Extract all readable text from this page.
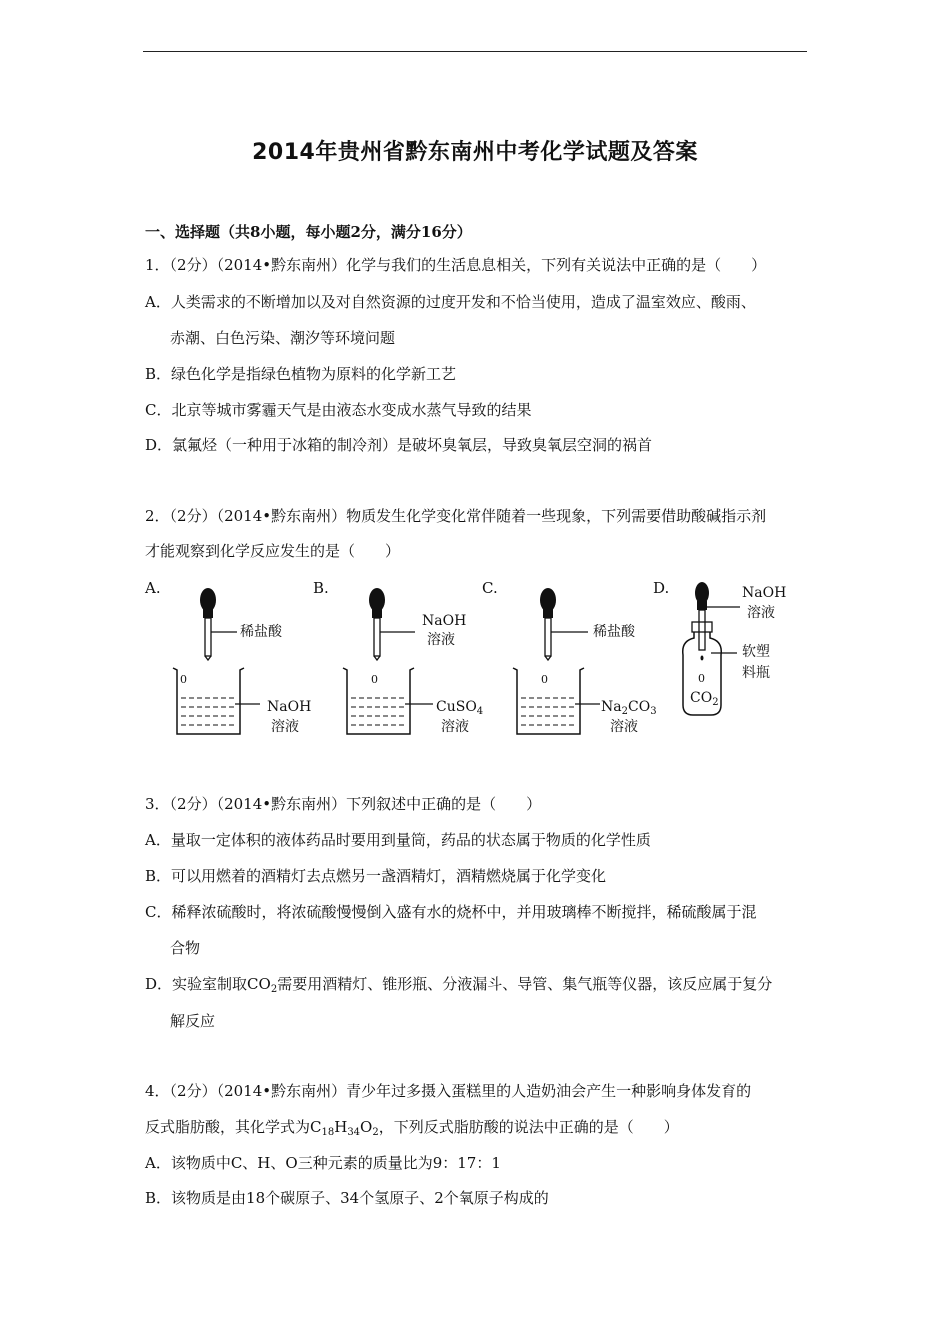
2014年贵州省黔东南州中考化学试题及答案
一、选择题（共8小题，每小题2分，满分16分）
1．（2分）（2014•黔东南州）化学与我们的生活息息相关，下列有关说法中正确的是（　　）
A．人类需求的不断增加以及对自然资源的过度开发和不恰当使用，造成了温室效应、酸雨、
赤潮、白色污染、潮汐等环境问题
B．绿色化学是指绿色植物为原料的化学新工艺
C．北京等城市雾霾天气是由液态水变成水蒸气导致的结果
D．氯氟烃（一种用于冰箱的制冷剂）是破坏臭氧层，导致臭氧层空洞的祸首
2．（2分）（2014•黔东南州）物质发生化学变化常伴随着一些现象，下列需要借助酸碱指示剂
才能观察到化学反应发生的是（　　）
A.	B.	C.	D.
0
稀盐酸
NaOH
溶液
0
NaOH
溶液
CuSO$_4$
溶液
0
稀盐酸
$Na_2CO_3$
溶液
0
NaOH
溶液
软塑
料瓶
$CO_2$
3．（2分）（2014•黔东南州）下列叙述中正确的是（　　）
A．量取一定体积的液体药品时要用到量筒，药品的状态属于物质的化学性质
B．可以用燃着的酒精灯去点燃另一盏酒精灯，酒精燃烧属于化学变化
C．稀释浓硫酸时，将浓硫酸慢慢倒入盛有水的烧杯中，并用玻璃棒不断搅拌，稀硫酸属于混
合物
D．实验室制取$CO_2$需要用酒精灯、锥形瓶、分液漏斗、导管、集气瓶等仪器，该反应属于复分
解反应
4．（2分）（2014•黔东南州）青少年过多摄入蛋糕里的人造奶油会产生一种影响身体发育的
反式脂肪酸，其化学式为$C_{18}H_{34}O_2$，下列反式脂肪酸的说法中正确的是（　　）
A．该物质中C、H、O三种元素的质量比为9：17：1
B．该物质是由18个碳原子、34个氢原子、2个氧原子构成的
